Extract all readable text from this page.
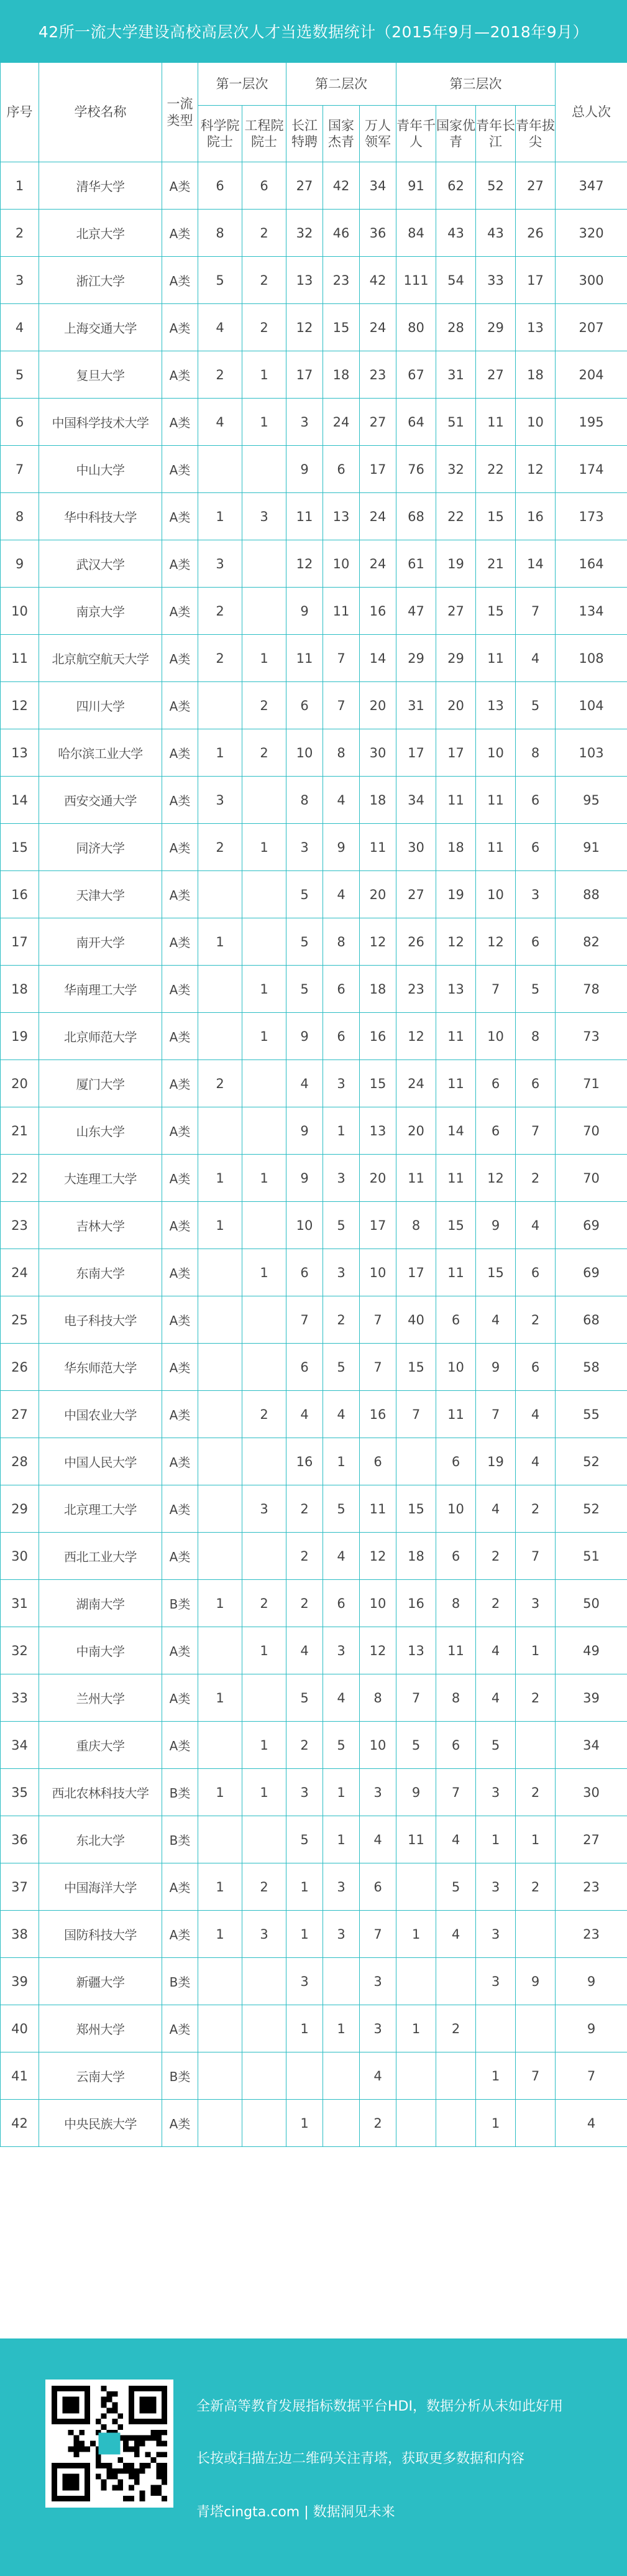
42所一流大学建设高校高层次人才当选数据统计（2015年9月—2018年9月）
序号	学校名称	一流类型	第一层次		第二层次			第三层次				总人次
			科学院院士	工程院院士	长江特聘	国家杰青	万人领军	青年千人	国家优青	青年长江	青年拔尖	
1	清华大学	A类	6	6	27	42	34	91	62	52	27	347
2	北京大学	A类	8	2	32	46	36	84	43	43	26	320
3	浙江大学	A类	5	2	13	23	42	111	54	33	17	300
4	上海交通大学	A类	4	2	12	15	24	80	28	29	13	207
5	复旦大学	A类	2	1	17	18	23	67	31	27	18	204
6	中国科学技术大学	A类	4	1	3	24	27	64	51	11	10	195
7	中山大学	A类			9	6	17	76	32	22	12	174
8	华中科技大学	A类	1	3	11	13	24	68	22	15	16	173
9	武汉大学	A类	3		12	10	24	61	19	21	14	164
10	南京大学	A类	2		9	11	16	47	27	15	7	134
11	北京航空航天大学	A类	2	1	11	7	14	29	29	11	4	108
12	四川大学	A类		2	6	7	20	31	20	13	5	104
13	哈尔滨工业大学	A类	1	2	10	8	30	17	17	10	8	103
14	西安交通大学	A类	3		8	4	18	34	11	11	6	95
15	同济大学	A类	2	1	3	9	11	30	18	11	6	91
16	天津大学	A类			5	4	20	27	19	10	3	88
17	南开大学	A类	1		5	8	12	26	12	12	6	82
18	华南理工大学	A类		1	5	6	18	23	13	7	5	78
19	北京师范大学	A类		1	9	6	16	12	11	10	8	73
20	厦门大学	A类	2		4	3	15	24	11	6	6	71
21	山东大学	A类			9	1	13	20	14	6	7	70
22	大连理工大学	A类	1	1	9	3	20	11	11	12	2	70
23	吉林大学	A类	1		10	5	17	8	15	9	4	69
24	东南大学	A类		1	6	3	10	17	11	15	6	69
25	电子科技大学	A类			7	2	7	40	6	4	2	68
26	华东师范大学	A类			6	5	7	15	10	9	6	58
27	中国农业大学	A类		2	4	4	16	7	11	7	4	55
28	中国人民大学	A类			16	1	6		6	19	4	52
29	北京理工大学	A类		3	2	5	11	15	10	4	2	52
30	西北工业大学	A类			2	4	12	18	6	2	7	51
31	湖南大学	B类	1	2	2	6	10	16	8	2	3	50
32	中南大学	A类		1	4	3	12	13	11	4	1	49
33	兰州大学	A类	1		5	4	8	7	8	4	2	39
34	重庆大学	A类		1	2	5	10	5	6	5		34
35	西北农林科技大学	B类	1	1	3	1	3	9	7	3	2	30
36	东北大学	B类			5	1	4	11	4	1	1	27
37	中国海洋大学	A类	1	2	1	3	6		5	3	2	23
38	国防科技大学	A类	1	3	1	3	7	1	4	3		23
39	新疆大学	B类			3		3			3	9	9
40	郑州大学	A类			1	1	3	1	2			9
41	云南大学	B类					4			1	7	7
42	中央民族大学	A类			1		2			1		4
全新高等教育发展指标数据平台HDI，数据分析从未如此好用
长按或扫描左边二维码关注青塔，获取更多数据和内容
青塔cingta.com | 数据洞见未来
